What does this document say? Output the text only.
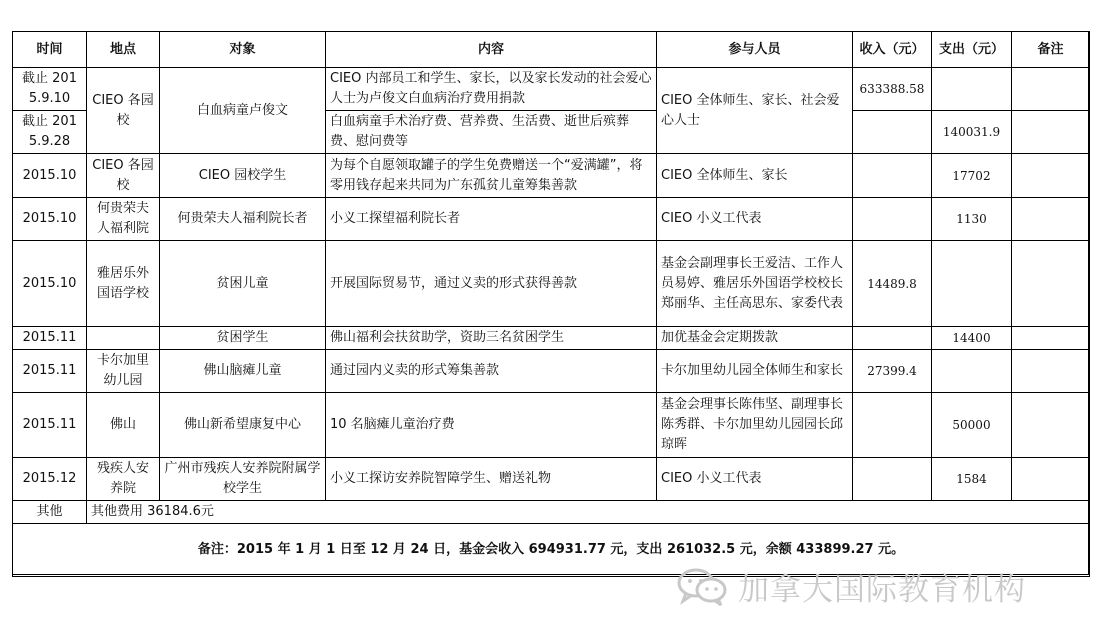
时间	地点	对象	内容	参与人员	收入（元）	支出（元）	备注
截止 2015.9.10	CIEO 各园校	白血病童卢俊文	CIEO 内部员工和学生、家长，以及家长发动的社会爱心人士为卢俊文白血病治疗费用捐款	CIEO 全体师生、家长、社会爱心人士	633388.58		
截止 2015.9.28			白血病童手术治疗费、营养费、生活费、逝世后殡葬费、慰问费等			140031.9	
2015.10	CIEO 各园校	CIEO 园校学生	为每个自愿领取罐子的学生免费赠送一个“爱满罐”，将零用钱存起来共同为广东孤贫儿童筹集善款	CIEO 全体师生、家长		17702	
2015.10	何贵荣夫人福利院	何贵荣夫人福利院长者	小义工探望福利院长者	CIEO 小义工代表		1130	
2015.10	雅居乐外国语学校	贫困儿童	开展国际贸易节，通过义卖的形式获得善款	基金会副理事长王爱洁、工作人员易婷、雅居乐外国语学校校长郑丽华、主任高思东、家委代表	14489.8		
2015.11		贫困学生	佛山福利会扶贫助学，资助三名贫困学生	加优基金会定期拨款		14400	
2015.11	卡尔加里幼儿园	佛山脑瘫儿童	通过园内义卖的形式筹集善款	卡尔加里幼儿园全体师生和家长	27399.4		
2015.11	佛山	佛山新希望康复中心	10 名脑瘫儿童治疗费	基金会理事长陈伟坚、副理事长陈秀群、卡尔加里幼儿园园长邱琼晖		50000	
2015.12	残疾人安养院	广州市残疾人安养院附属学校学生	小义工探访安养院智障学生、赠送礼物	CIEO 小义工代表		1584	
其他	其他费用 36184.6元						
备注：2015 年 1 月 1 日至 12 月 24 日，基金会收入 694931.77 元，支出 261032.5 元，余额 433899.27 元。							
加拿大国际教育机构
